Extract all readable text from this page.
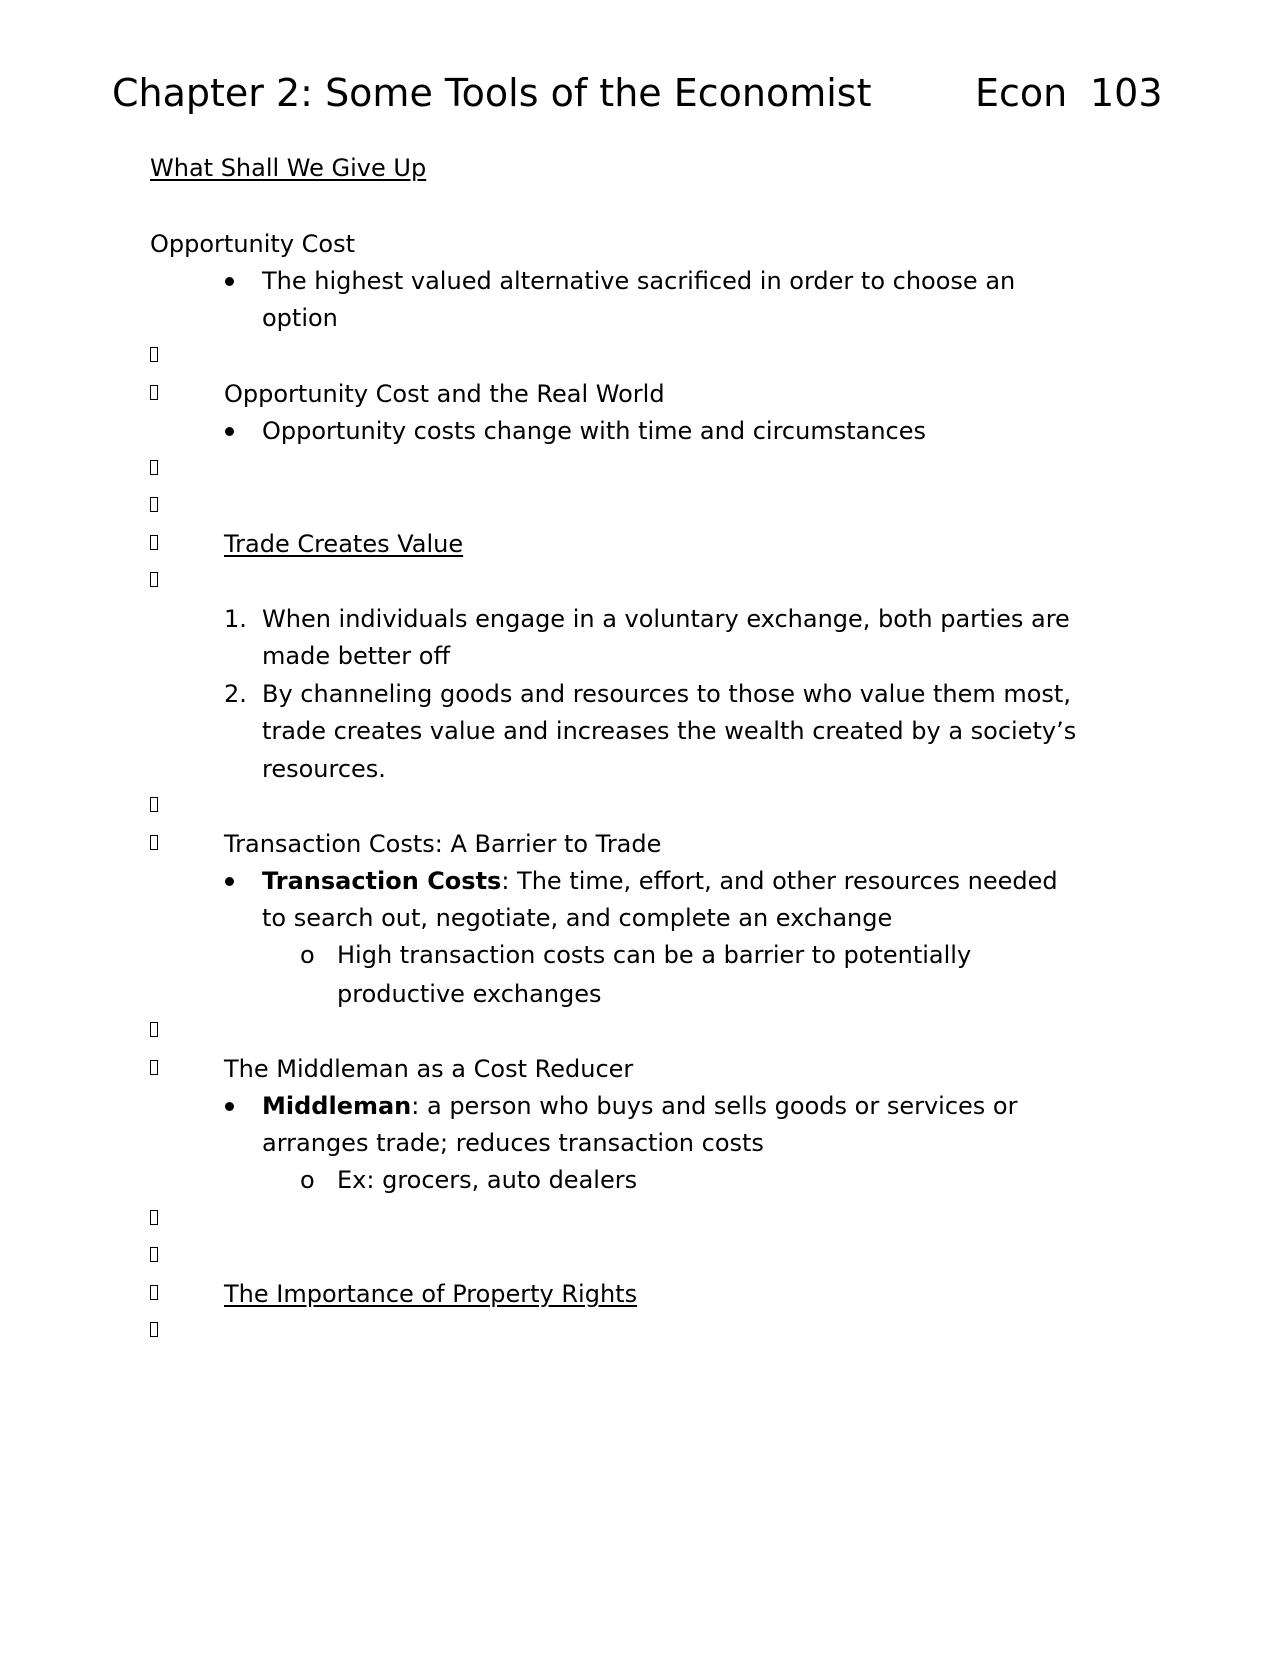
Chapter 2: Some Tools of the Economist	Econ 103
What Shall We Give Up
Opportunity Cost
The highest valued alternative sacrificed in order to choose an
option
Opportunity Cost and the Real World
Opportunity costs change with time and circumstances
Trade Creates Value
1. When individuals engage in a voluntary exchange, both parties are
made better off
2. By channeling goods and resources to those who value them most,
trade creates value and increases the wealth created by a society’s
resources.
Transaction Costs: A Barrier to Trade
Transaction Costs: The time, effort, and other resources needed
to search out, negotiate, and complete an exchange
o High transaction costs can be a barrier to potentially
productive exchanges
The Middleman as a Cost Reducer
Middleman: a person who buys and sells goods or services or
arranges trade; reduces transaction costs
o Ex: grocers, auto dealers
The Importance of Property Rights
